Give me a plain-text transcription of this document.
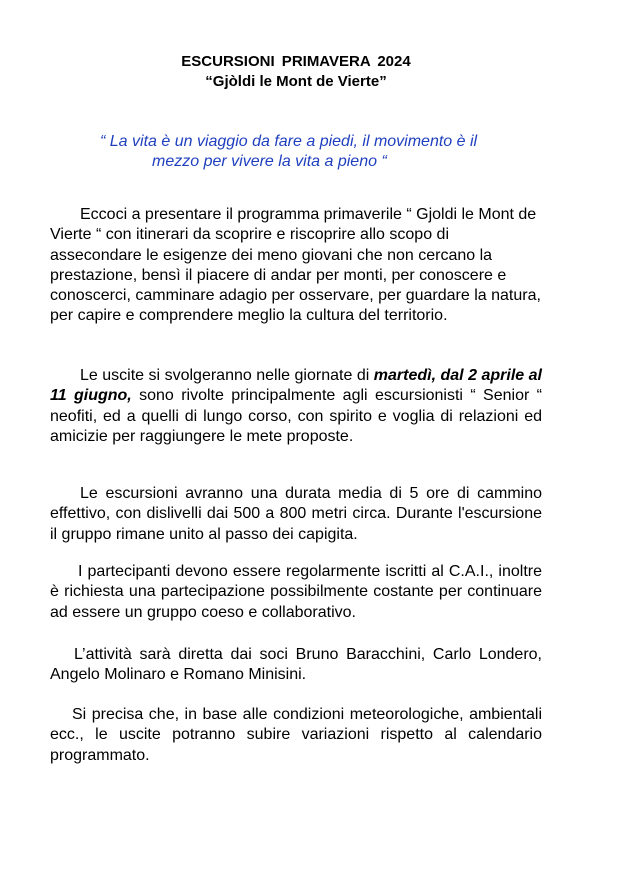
ESCURSIONI PRIMAVERA 2024
“Gjòldi le Mont de Vierte”
“ La vita è un viaggio da fare a piedi, il movimento è il
mezzo per vivere la vita a pieno “
Eccoci a presentare il programma primaverile “ Gjoldi le Mont de Vierte “ con itinerari da scoprire e riscoprire allo scopo di assecondare le esigenze dei meno giovani che non cercano la prestazione, bensì il piacere di andar per monti, per conoscere e conoscerci, camminare adagio per osservare, per guardare la natura, per capire e comprendere meglio la cultura del territorio.
Le uscite si svolgeranno nelle giornate di martedì, dal 2 aprile al 11 giugno, sono rivolte principalmente agli escursionisti “ Senior “ neofiti, ed a quelli di lungo corso, con spirito e voglia di relazioni ed amicizie per raggiungere le mete proposte.
Le escursioni avranno una durata media di 5 ore di cammino effettivo, con dislivelli dai 500 a 800 metri circa. Durante l'escursione il gruppo rimane unito al passo dei capigita.
I partecipanti devono essere regolarmente iscritti al C.A.I., inoltre è richiesta una partecipazione possibilmente costante per continuare ad essere un gruppo coeso e collaborativo.
L’attività sarà diretta dai soci Bruno Baracchini, Carlo Londero, Angelo Molinaro e Romano Minisini.
Si precisa che, in base alle condizioni meteorologiche, ambientali ecc., le uscite potranno subire variazioni rispetto al calendario programmato.
